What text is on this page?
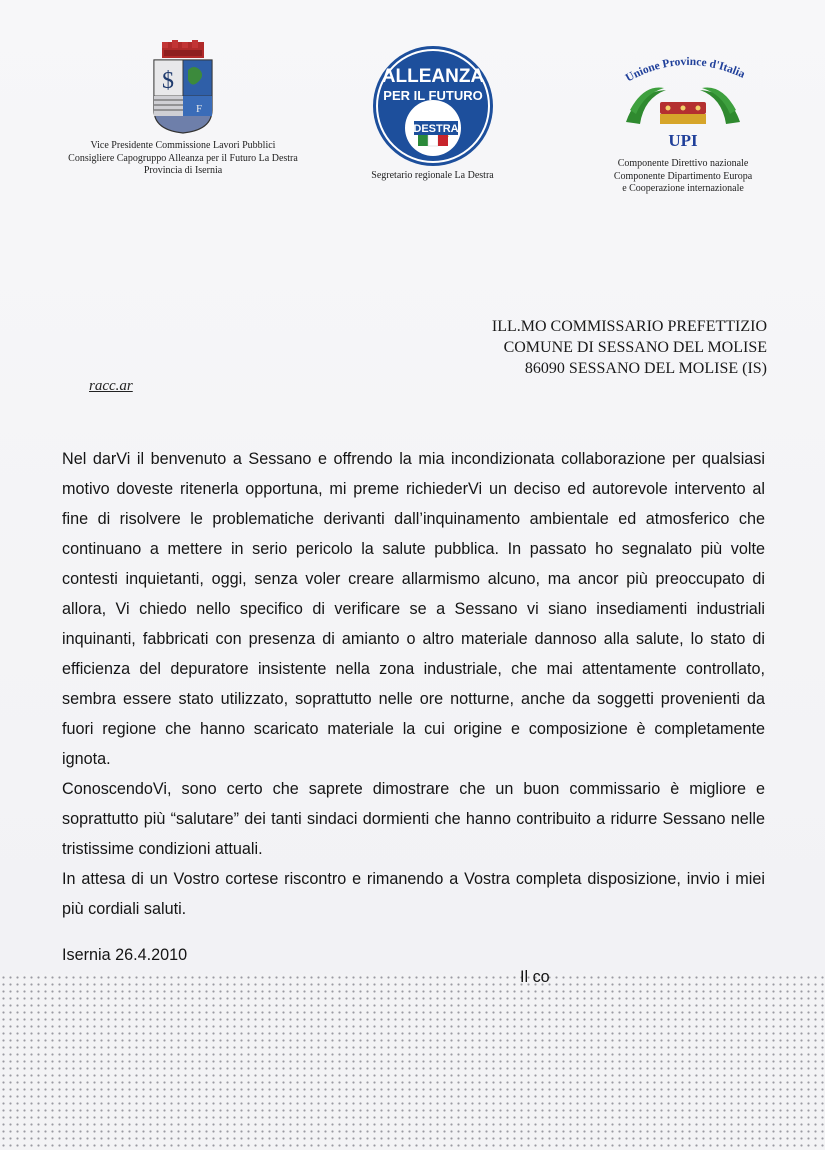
$
F
Vice Presidente Commissione Lavori Pubblici
Consigliere Capogruppo Alleanza per il Futuro La Destra
Provincia di Isernia
ALLEANZA
PER IL FUTURO
la
DESTRA
Segretario regionale La Destra
Unione Province d'Italia
UPI
Componente Direttivo nazionale
Componente Dipartimento Europa
e Cooperazione internazionale
ILL.MO COMMISSARIO PREFETTIZIO
COMUNE DI SESSANO DEL MOLISE
86090 SESSANO DEL MOLISE (IS)
racc.ar

Nel darVi il benvenuto a Sessano e offrendo la mia incondizionata collaborazione per qualsiasi motivo doveste ritenerla opportuna, mi preme richiederVi un deciso ed autorevole intervento al fine di risolvere le problematiche derivanti dall’inquinamento ambientale ed atmosferico che continuano a mettere in serio pericolo la salute pubblica. In passato ho segnalato più volte contesti inquietanti, oggi, senza voler creare allarmismo alcuno, ma ancor più preoccupato di allora, Vi chiedo nello specifico di verificare se a Sessano vi siano insediamenti industriali inquinanti, fabbricati con presenza di amianto o altro materiale dannoso alla salute, lo stato di efficienza del depuratore insistente nella zona industriale, che mai attentamente controllato, sembra essere stato utilizzato, soprattutto nelle ore notturne, anche da soggetti provenienti da fuori regione che hanno scaricato materiale la cui origine e composizione è completamente ignota.

ConoscendoVi, sono certo che saprete dimostrare che un buon commissario è migliore e soprattutto più “salutare” dei tanti sindaci dormienti che hanno contribuito a ridurre Sessano nelle tristissime condizioni attuali.

In attesa di un Vostro cortese riscontro e rimanendo a Vostra completa disposizione, invio i miei più cordiali saluti.

Isernia 26.4.2010
Il co
